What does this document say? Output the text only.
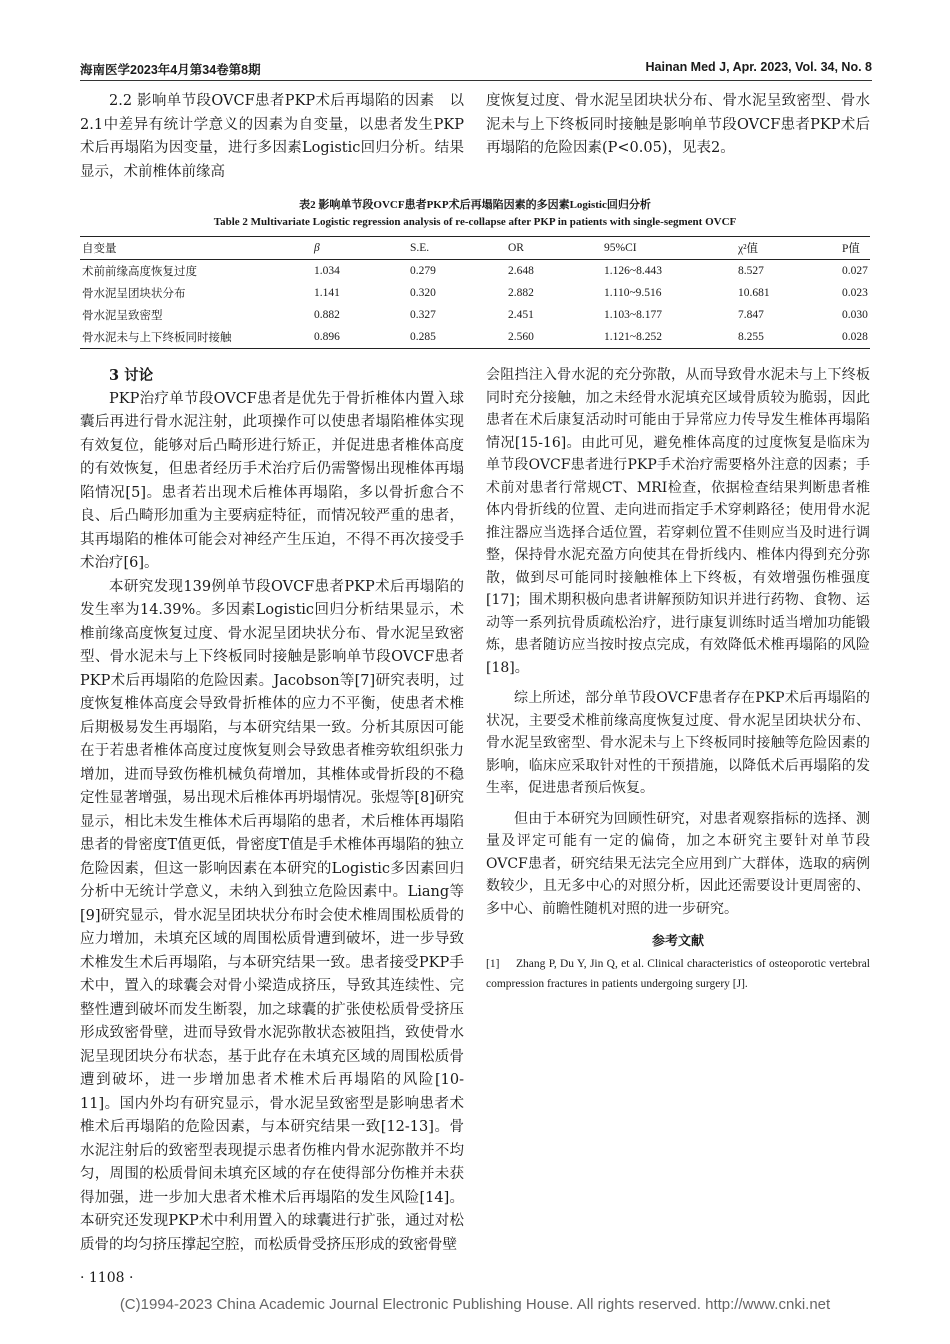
海南医学2023年4月第34卷第8期	Hainan Med J, Apr. 2023, Vol. 34, No. 8

2.2 影响单节段OVCF患者PKP术后再塌陷的因素 以2.1中差异有统计学意义的因素为自变量，以患者发生PKP术后再塌陷为因变量，进行多因素Logistic回归分析。结果显示，术前椎体前缘高

度恢复过度、骨水泥呈团块状分布、骨水泥呈致密型、骨水泥未与上下终板同时接触是影响单节段OVCF患者PKP术后再塌陷的危险因素(P<0.05)，见表2。

表2 影响单节段OVCF患者PKP术后再塌陷因素的多因素Logistic回归分析
Table 2 Multivariate Logistic regression analysis of re-collapse after PKP in patients with single-segment OVCF
自变量	β	S.E.	OR	95%CI	χ²值	P值
术前前缘高度恢复过度	1.034	0.279	2.648	1.126~8.443	8.527	0.027
骨水泥呈团块状分布	1.141	0.320	2.882	1.110~9.516	10.681	0.023
骨水泥呈致密型	0.882	0.327	2.451	1.103~8.177	7.847	0.030
骨水泥未与上下终板同时接触	0.896	0.285	2.560	1.121~8.252	8.255	0.028

3 讨论

PKP治疗单节段OVCF患者是优先于骨折椎体内置入球囊后再进行骨水泥注射，此项操作可以使患者塌陷椎体实现有效复位，能够对后凸畸形进行矫正，并促进患者椎体高度的有效恢复，但患者经历手术治疗后仍需警惕出现椎体再塌陷情况[5]。患者若出现术后椎体再塌陷，多以骨折愈合不良、后凸畸形加重为主要病症特征，而情况较严重的患者，其再塌陷的椎体可能会对神经产生压迫，不得不再次接受手术治疗[6]。

本研究发现139例单节段OVCF患者PKP术后再塌陷的发生率为14.39%。多因素Logistic回归分析结果显示，术椎前缘高度恢复过度、骨水泥呈团块状分布、骨水泥呈致密型、骨水泥未与上下终板同时接触是影响单节段OVCF患者PKP术后再塌陷的危险因素。Jacobson等[7]研究表明，过度恢复椎体高度会导致骨折椎体的应力不平衡，使患者术椎后期极易发生再塌陷，与本研究结果一致。分析其原因可能在于若患者椎体高度过度恢复则会导致患者椎旁软组织张力增加，进而导致伤椎机械负荷增加，其椎体或骨折段的不稳定性显著增强，易出现术后椎体再坍塌情况。张煜等[8]研究显示，相比未发生椎体术后再塌陷的患者，术后椎体再塌陷患者的骨密度T值更低，骨密度T值是手术椎体再塌陷的独立危险因素，但这一影响因素在本研究的Logistic多因素回归分析中无统计学意义，未纳入到独立危险因素中。Liang等[9]研究显示，骨水泥呈团块状分布时会使术椎周围松质骨的应力增加，未填充区域的周围松质骨遭到破坏，进一步导致术椎发生术后再塌陷，与本研究结果一致。患者接受PKP手术中，置入的球囊会对骨小梁造成挤压，导致其连续性、完整性遭到破坏而发生断裂，加之球囊的扩张使松质骨受挤压形成致密骨壁，进而导致骨水泥弥散状态被阻挡，致使骨水泥呈现团块分布状态，基于此存在未填充区域的周围松质骨遭到破坏，进一步增加患者术椎术后再塌陷的风险[10-11]。国内外均有研究显示，骨水泥呈致密型是影响患者术椎术后再塌陷的危险因素，与本研究结果一致[12-13]。骨水泥注射后的致密型表现提示患者伤椎内骨水泥弥散并不均匀，周围的松质骨间未填充区域的存在使得部分伤椎并未获得加强，进一步加大患者术椎术后再塌陷的发生风险[14]。本研究还发现PKP术中利用置入的球囊进行扩张，通过对松质骨的均匀挤压撑起空腔，而松质骨受挤压形成的致密骨壁

会阻挡注入骨水泥的充分弥散，从而导致骨水泥未与上下终板同时充分接触，加之未经骨水泥填充区域骨质较为脆弱，因此患者在术后康复活动时可能由于异常应力传导发生椎体再塌陷情况[15-16]。由此可见，避免椎体高度的过度恢复是临床为单节段OVCF患者进行PKP手术治疗需要格外注意的因素；手术前对患者行常规CT、MRI检查，依据检查结果判断患者椎体内骨折线的位置、走向进而指定手术穿刺路径；使用骨水泥推注器应当选择合适位置，若穿刺位置不佳则应当及时进行调整，保持骨水泥充盈方向使其在骨折线内、椎体内得到充分弥散，做到尽可能同时接触椎体上下终板，有效增强伤椎强度[17]；围术期积极向患者讲解预防知识并进行药物、食物、运动等一系列抗骨质疏松治疗，进行康复训练时适当增加功能锻炼，患者随访应当按时按点完成，有效降低术椎再塌陷的风险[18]。

综上所述，部分单节段OVCF患者存在PKP术后再塌陷的状况，主要受术椎前缘高度恢复过度、骨水泥呈团块状分布、骨水泥呈致密型、骨水泥未与上下终板同时接触等危险因素的影响，临床应采取针对性的干预措施，以降低术后再塌陷的发生率，促进患者预后恢复。

但由于本研究为回顾性研究，对患者观察指标的选择、测量及评定可能有一定的偏倚，加之本研究主要针对单节段OVCF患者，研究结果无法完全应用到广大群体，选取的病例数较少，且无多中心的对照分析，因此还需要设计更周密的、多中心、前瞻性随机对照的进一步研究。

参考文献

[1] Zhang P, Du Y, Jin Q, et al. Clinical characteristics of osteoporotic vertebral compression fractures in patients undergoing surgery [J].
· 1108 ·
(C)1994-2023 China Academic Journal Electronic Publishing House. All rights reserved. http://www.cnki.net
